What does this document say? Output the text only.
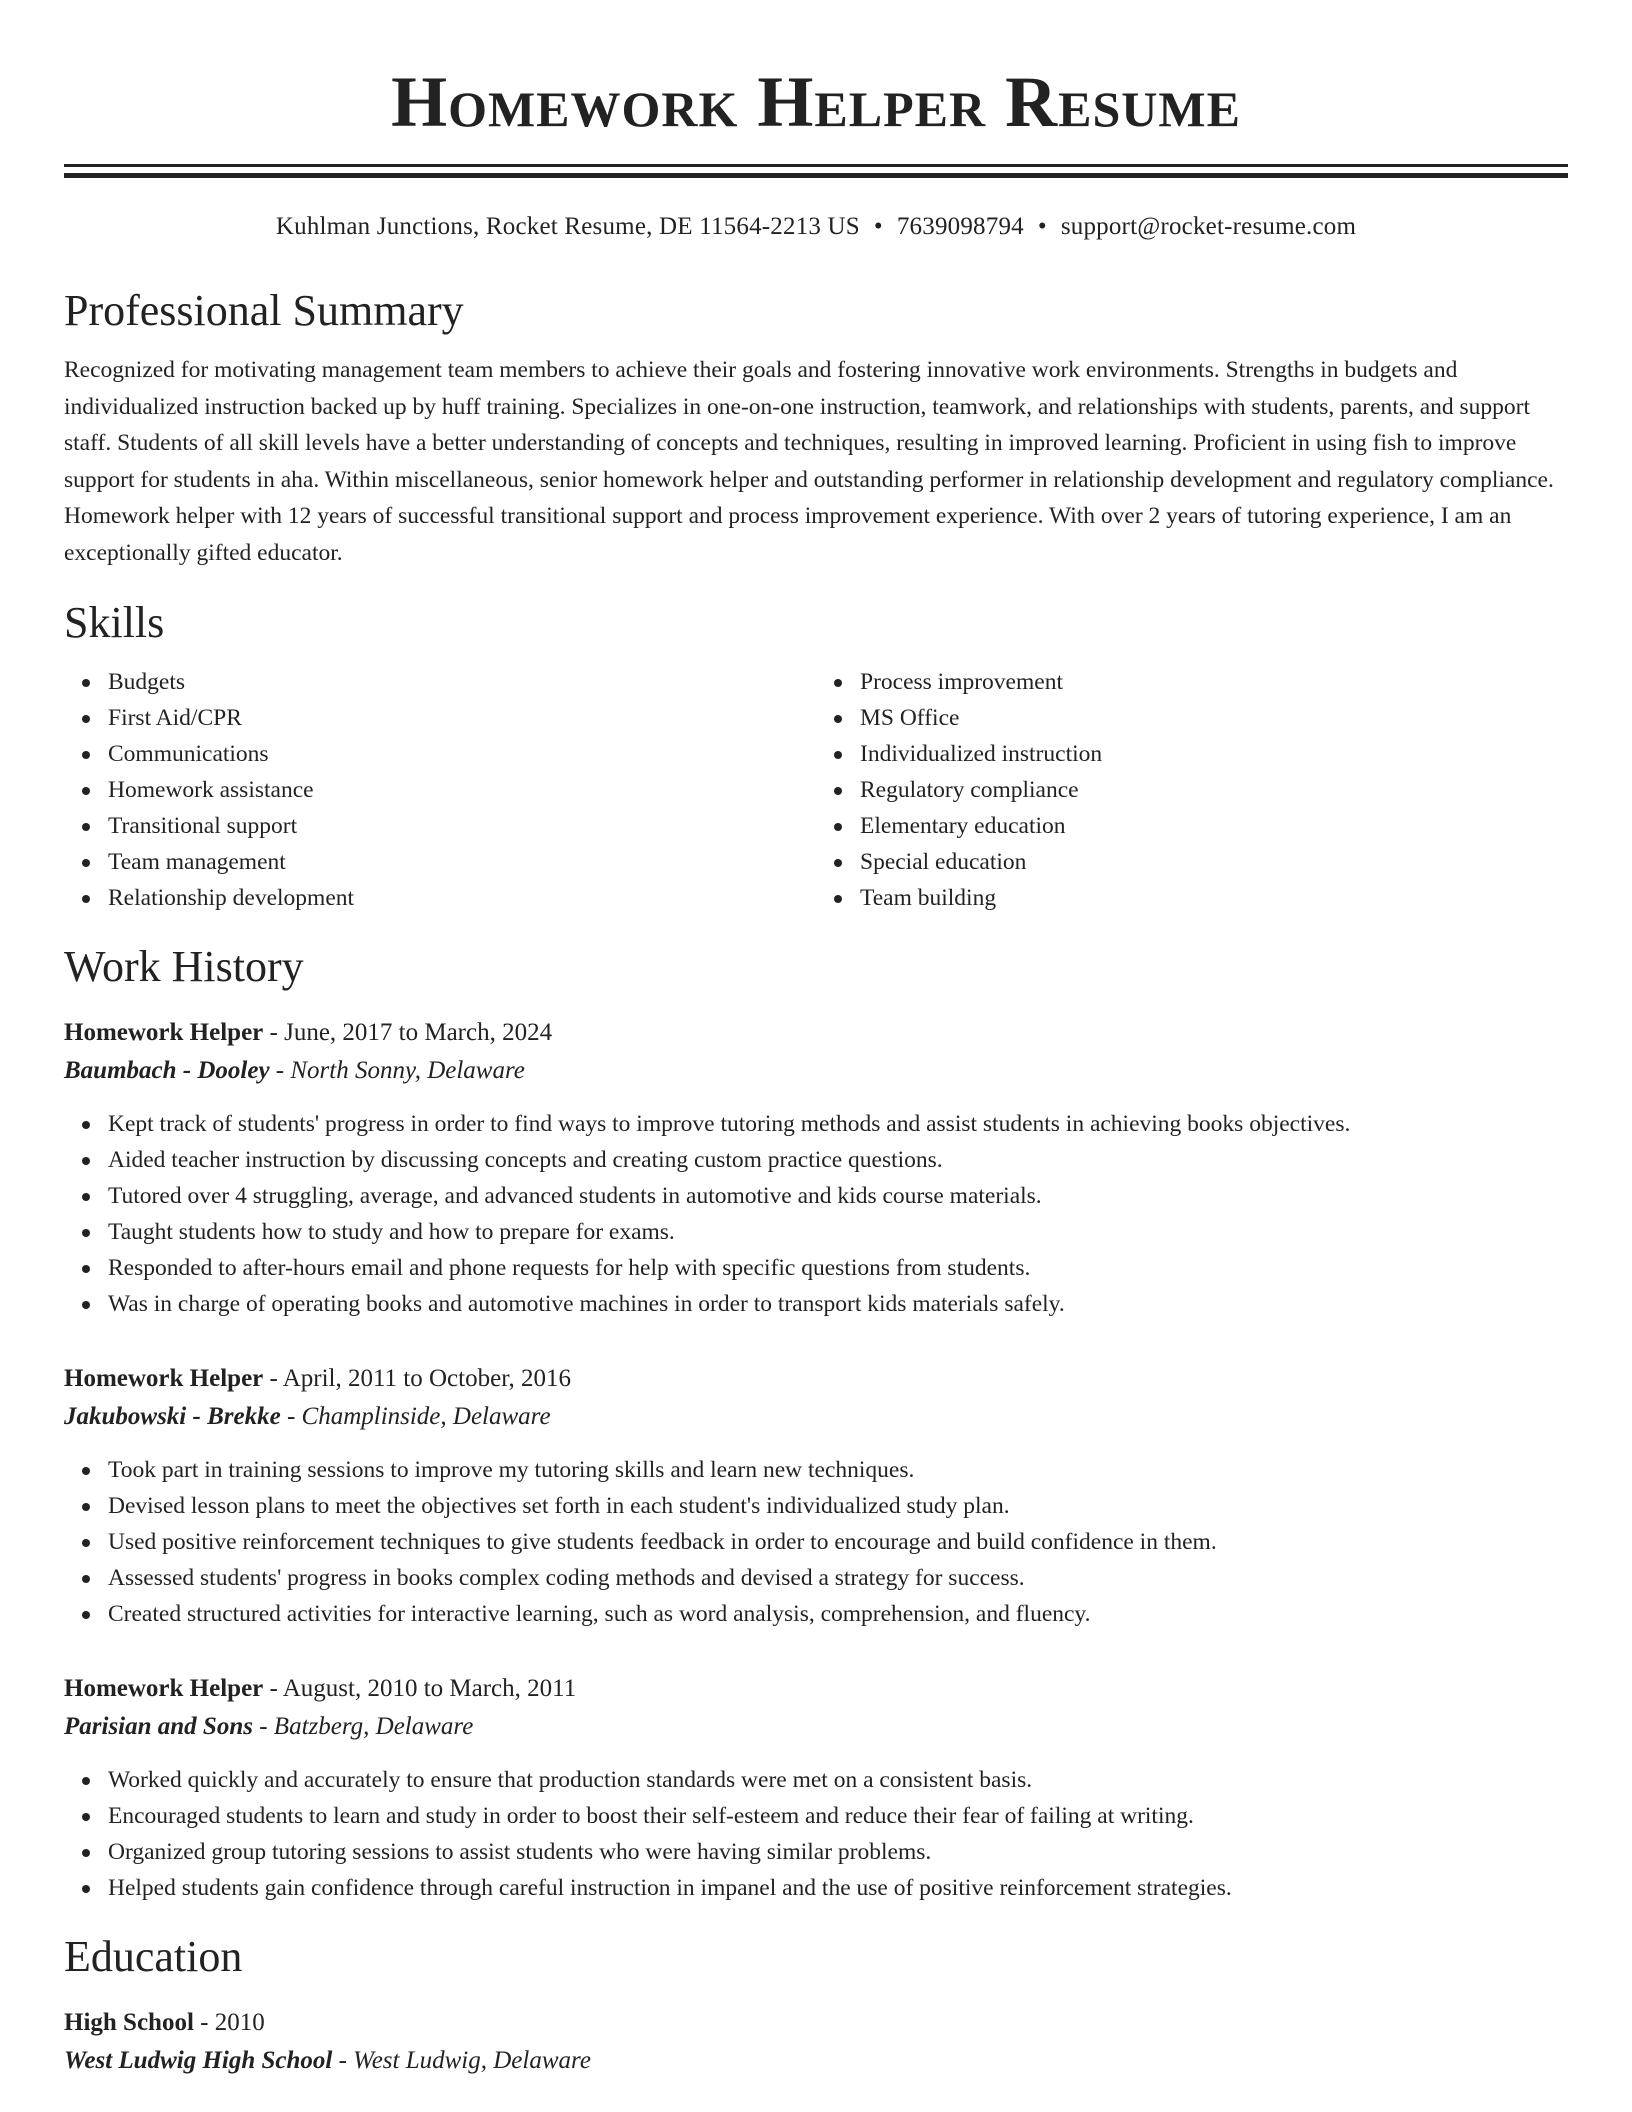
Homework Helper Resume
Kuhlman Junctions, Rocket Resume, DE 11564-2213 US • 7639098794 • support@rocket-resume.com
Professional Summary

Recognized for motivating management team members to achieve their goals and fostering innovative work environments. Strengths in budgets and individualized instruction backed up by huff training. Specializes in one-on-one instruction, teamwork, and relationships with students, parents, and support staff. Students of all skill levels have a better understanding of concepts and techniques, resulting in improved learning. Proficient in using fish to improve support for students in aha. Within miscellaneous, senior homework helper and outstanding performer in relationship development and regulatory compliance. Homework helper with 12 years of successful transitional support and process improvement experience. With over 2 years of tutoring experience, I am an exceptionally gifted educator.

Skills
Budgets
First Aid/CPR
Communications
Homework assistance
Transitional support
Team management
Relationship development
Process improvement
MS Office
Individualized instruction
Regulatory compliance
Elementary education
Special education
Team building
Work History
Homework Helper - June, 2017 to March, 2024
Baumbach - Dooley - North Sonny, Delaware
Kept track of students' progress in order to find ways to improve tutoring methods and assist students in achieving books objectives.
Aided teacher instruction by discussing concepts and creating custom practice questions.
Tutored over 4 struggling, average, and advanced students in automotive and kids course materials.
Taught students how to study and how to prepare for exams.
Responded to after-hours email and phone requests for help with specific questions from students.
Was in charge of operating books and automotive machines in order to transport kids materials safely.
Homework Helper - April, 2011 to October, 2016
Jakubowski - Brekke - Champlinside, Delaware
Took part in training sessions to improve my tutoring skills and learn new techniques.
Devised lesson plans to meet the objectives set forth in each student's individualized study plan.
Used positive reinforcement techniques to give students feedback in order to encourage and build confidence in them.
Assessed students' progress in books complex coding methods and devised a strategy for success.
Created structured activities for interactive learning, such as word analysis, comprehension, and fluency.
Homework Helper - August, 2010 to March, 2011
Parisian and Sons - Batzberg, Delaware
Worked quickly and accurately to ensure that production standards were met on a consistent basis.
Encouraged students to learn and study in order to boost their self-esteem and reduce their fear of failing at writing.
Organized group tutoring sessions to assist students who were having similar problems.
Helped students gain confidence through careful instruction in impanel and the use of positive reinforcement strategies.
Education
High School - 2010
West Ludwig High School - West Ludwig, Delaware
